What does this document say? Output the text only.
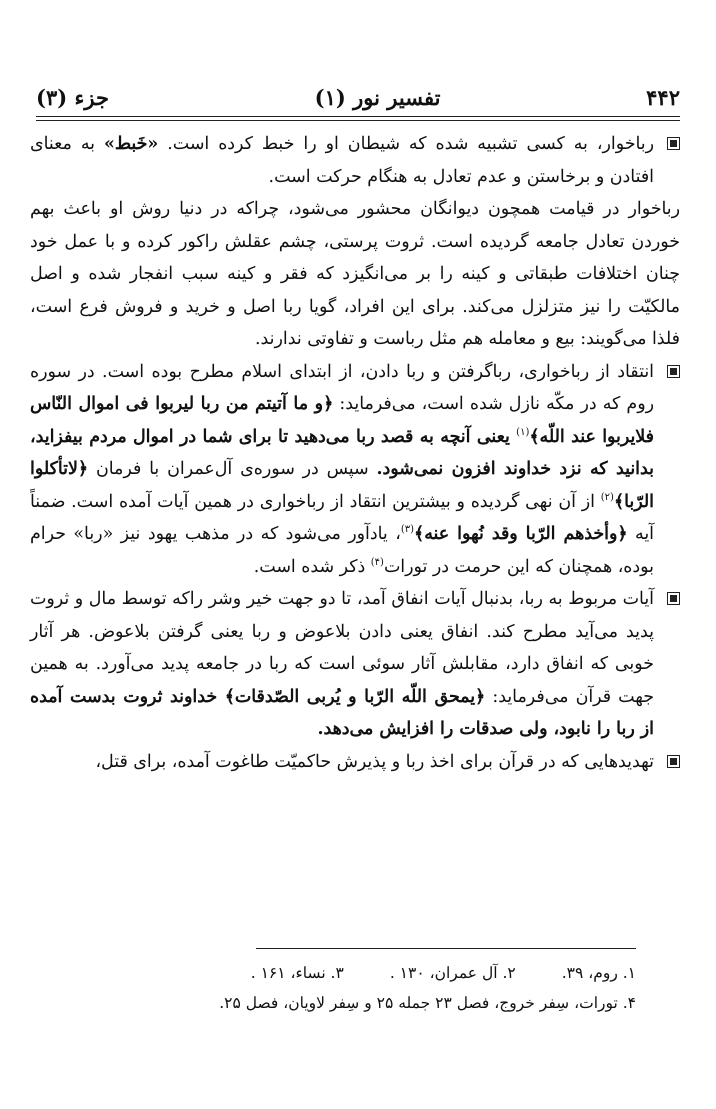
۴۴۲
تفسیر نور (۱)
جزء (۳)

رباخوار، به کسی تشبیه شده که شیطان او را خبط کرده است. «خَبط» به معنای افتادن و برخاستن و عدم تعادل به هنگام حرکت است.

رباخوار در قیامت همچون دیوانگان محشور می‌شود، چراکه در دنیا روش او باعث بهم خوردن تعادل جامعه گردیده است. ثروت پرستی، چشم عقلش راکور کرده و با عمل خود چنان اختلافات طبقاتی و کینه را بر می‌انگیزد که فقر و کینه سبب انفجار شده و اصل مالکیّت را نیز متزلزل می‌کند. برای این افراد، گویا ربا اصل و خرید و فروش فرع است، فلذا می‌گویند: بیع و معامله هم مثل رباست و تفاوتی ندارند.

انتقاد از رباخواری، رباگرفتن و ربا دادن، از ابتدای اسلام مطرح بوده است. در سوره روم که در مکّه نازل شده است، می‌فرماید: ﴿و ما آتیتم من ربا لیربوا فی اموال النّاس فلایربوا عند اللّه﴾$^{(۱)}$ یعنی آنچه به قصد ربا می‌دهید تا برای شما در اموال مردم بیفزاید، بدانید که نزد خداوند افزون نمی‌شود. سپس در سوره‌ی آل‌عمران با فرمان ﴿لاتأکلوا الرّبا﴾$^{(۲)}$ از آن نهی گردیده و بیشترین انتقاد از رباخواری در همین آیات آمده است. ضمناً آیه ﴿وأخذهم الرّبا وقد نُهوا عنه﴾$^{(۳)}$، یادآور می‌شود که در مذهب یهود نیز «ربا» حرام بوده، همچنان که این حرمت در تورات$^{(۴)}$ ذکر شده است.

آیات مربوط به ربا، بدنبال آیات انفاق آمد، تا دو جهت خیر وشر راکه توسط مال و ثروت پدید می‌آید مطرح کند. انفاق یعنی دادن بلاعوض و ربا یعنی گرفتن بلاعوض. هر آثار خوبی که انفاق دارد، مقابلش آثار سوئی است که ربا در جامعه پدید می‌آورد. به همین جهت قرآن می‌فرماید: ﴿یمحق اللّه الرّبا و یُربی الصّدقات﴾ خداوند ثروت بدست آمده از ربا را نابود، ولی صدقات را افزایش می‌دهد.

تهدیدهایی که در قرآن برای اخذ ربا و پذیرش حاکمیّت طاغوت آمده، برای قتل،

۱. روم، ۳۹.
۲. آل عمران، ۱۳۰ .
۳. نساء، ۱۶۱ .
۴. تورات، سِفر خروج، فصل ۲۳ جمله ۲۵ و سِفر لاویان، فصل ۲۵.
